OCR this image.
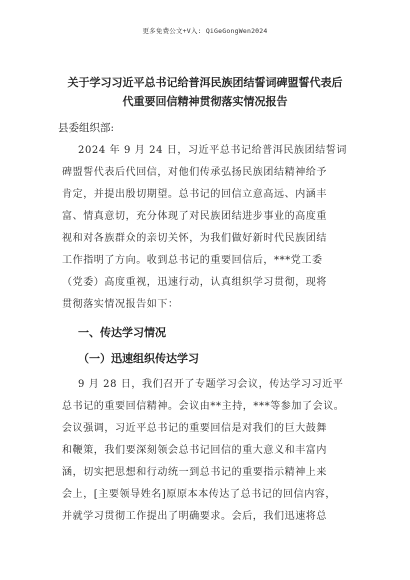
更多免费公文+V入: QiGeGongWen2024
关于学习习近平总书记给普洱民族团结誓词碑盟誓代表后
代重要回信精神贯彻落实情况报告
县委组织部:
2024 年 9 月 24 日，习近平总书记给普洱民族团结誓词
碑盟誓代表后代回信，对他们传承弘扬民族团结精神给予
肯定，并提出殷切期望。总书记的回信立意高远、内涵丰
富、情真意切，充分体现了对民族团结进步事业的高度重
视和对各族群众的亲切关怀，为我们做好新时代民族团结
工作指明了方向。收到总书记的重要回信后，***党工委
（党委）高度重视，迅速行动，认真组织学习贯彻，现将
贯彻落实情况报告如下：
一、传达学习情况
（一）迅速组织传达学习
9 月 28 日，我们召开了专题学习会议，传达学习习近平
总书记的重要回信精神。会议由**主持，***等参加了会议。
会议强调，习近平总书记的重要回信是对我们的巨大鼓舞
和鞭策，我们要深刻领会总书记回信的重大意义和丰富内
涵，切实把思想和行动统一到总书记的重要指示精神上来
会上，[主要领导姓名]原原本本传达了总书记的回信内容，
并就学习贯彻工作提出了明确要求。会后，我们迅速将总
